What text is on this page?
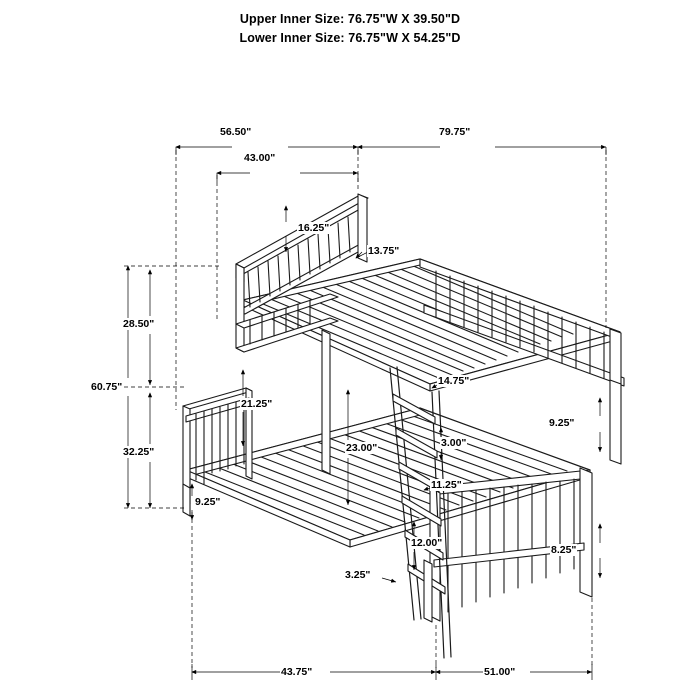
Upper Inner Size: 76.75"W X 39.50"D
Lower Inner Size: 76.75"W X 54.25"D
56.50"	79.75"
43.00"
16.25"
13.75"
28.50"
60.75"	14.75"
21.25"
9.25"
32.25"	23.00"	3.00"
11.25"
9.25"
12.00"
8.25"
3.25"
43.75"	51.00"
